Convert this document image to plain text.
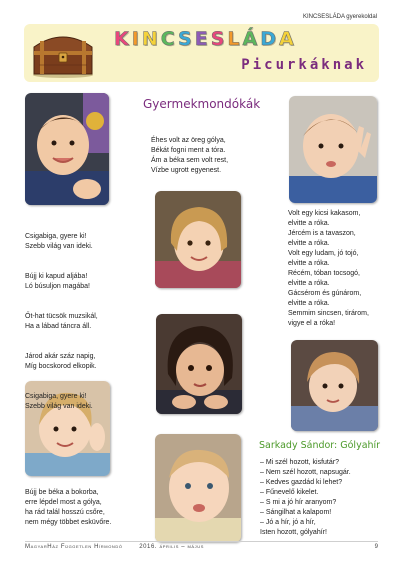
KINCSESLÁDA gyerekoldal
KINCSESLÁDA
Picurkáknak
Gyermekmondókák
Éhes volt az öreg gólya,
Békát fogni ment a tóra.
Ám a béka sem volt rest,
Vízbe ugrott egyenest.

Csigabiga, gyere ki!
Szebb világ van ideki.

Bújj ki kapud aljába!
Ló búsuljon magába!

Őt-hat tücsök muzsikál,
Ha a lábad táncra áll.

Járod akár száz napig,
Míg bocskorod elkopik.

Csigabiga, gyere ki!
Szebb világ van ideki.

Volt egy kicsi kakasom,
elvitte a róka.
Jércém is a tavaszon,
elvitte a róka.
Volt egy ludam, jó tojó,
elvitte a róka.
Récém, tóban tocsogó,
elvitte a róka.
Gácsérom és gúnárom,
elvitte a róka.
Semmim sincsen, tirárom,
vigye el a róka!
Bújj be béka a bokorba,
erre lépdel most a gólya,
ha rád talál hosszú csőre,
nem mégy többet esküvőre.
Sarkady Sándor: Gólyahír
– Mi szél hozott, kisfutár?
– Nem szél hozott, napsugár.
– Kedves gazdád ki lehet?
– Fűnevelő kikelet.
– S mi a jó hír aranyom?
– Sángilhat a kalapom!
– Jó a hír, jó a hír,
Isten hozott, gólyahír!
MagyarHáz Független Hírmondó	2016. április – május	9
